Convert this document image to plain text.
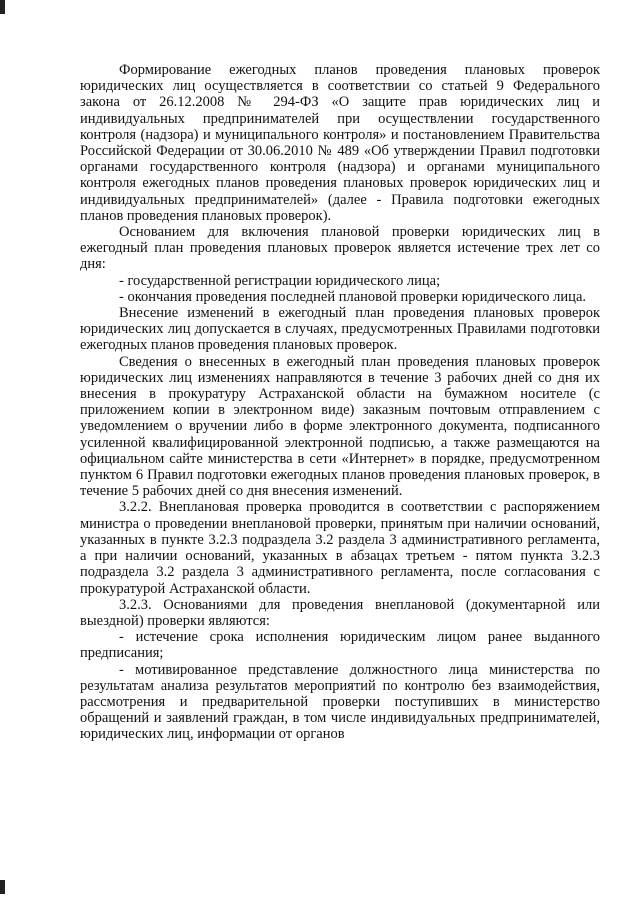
Формирование ежегодных планов проведения плановых проверок юридических лиц осуществляется в соответствии со статьей 9 Федерального закона от 26.12.2008 № 294-ФЗ «О защите прав юридических лиц и индивидуальных предпринимателей при осуществлении государственного контроля (надзора) и муниципального контроля» и постановлением Правительства Российской Федерации от 30.06.2010 № 489 «Об утверждении Правил подготовки органами государственного контроля (надзора) и органами муниципального контроля ежегодных планов проведения плановых проверок юридических лиц и индивидуальных предпринимателей» (далее - Правила подготовки ежегодных планов проведения плановых проверок).

Основанием для включения плановой проверки юридических лиц в ежегодный план проведения плановых проверок является истечение трех лет со дня:

- государственной регистрации юридического лица;

- окончания проведения последней плановой проверки юридического лица.

Внесение изменений в ежегодный план проведения плановых проверок юридических лиц допускается в случаях, предусмотренных Правилами подготовки ежегодных планов проведения плановых проверок.

Сведения о внесенных в ежегодный план проведения плановых проверок юридических лиц изменениях направляются в течение 3 рабочих дней со дня их внесения в прокуратуру Астраханской области на бумажном носителе (с приложением копии в электронном виде) заказным почтовым отправлением с уведомлением о вручении либо в форме электронного документа, подписанного усиленной квалифицированной электронной подписью, а также размещаются на официальном сайте министерства в сети «Интернет» в порядке, предусмотренном пунктом 6 Правил подготовки ежегодных планов проведения плановых проверок, в течение 5 рабочих дней со дня внесения изменений.

3.2.2. Внеплановая проверка проводится в соответствии с распоряжением министра о проведении внеплановой проверки, принятым при наличии оснований, указанных в пункте 3.2.3 подраздела 3.2 раздела 3 административного регламента, а при наличии оснований, указанных в абзацах третьем - пятом пункта 3.2.3 подраздела 3.2 раздела 3 административного регламента, после согласования с прокуратурой Астраханской области.

3.2.3. Основаниями для проведения внеплановой (документарной или выездной) проверки являются:

- истечение срока исполнения юридическим лицом ранее выданного предписания;

- мотивированное представление должностного лица министерства по результатам анализа результатов мероприятий по контролю без взаимодействия, рассмотрения и предварительной проверки поступивших в министерство обращений и заявлений граждан, в том числе индивидуальных предпринимателей, юридических лиц, информации от органов
